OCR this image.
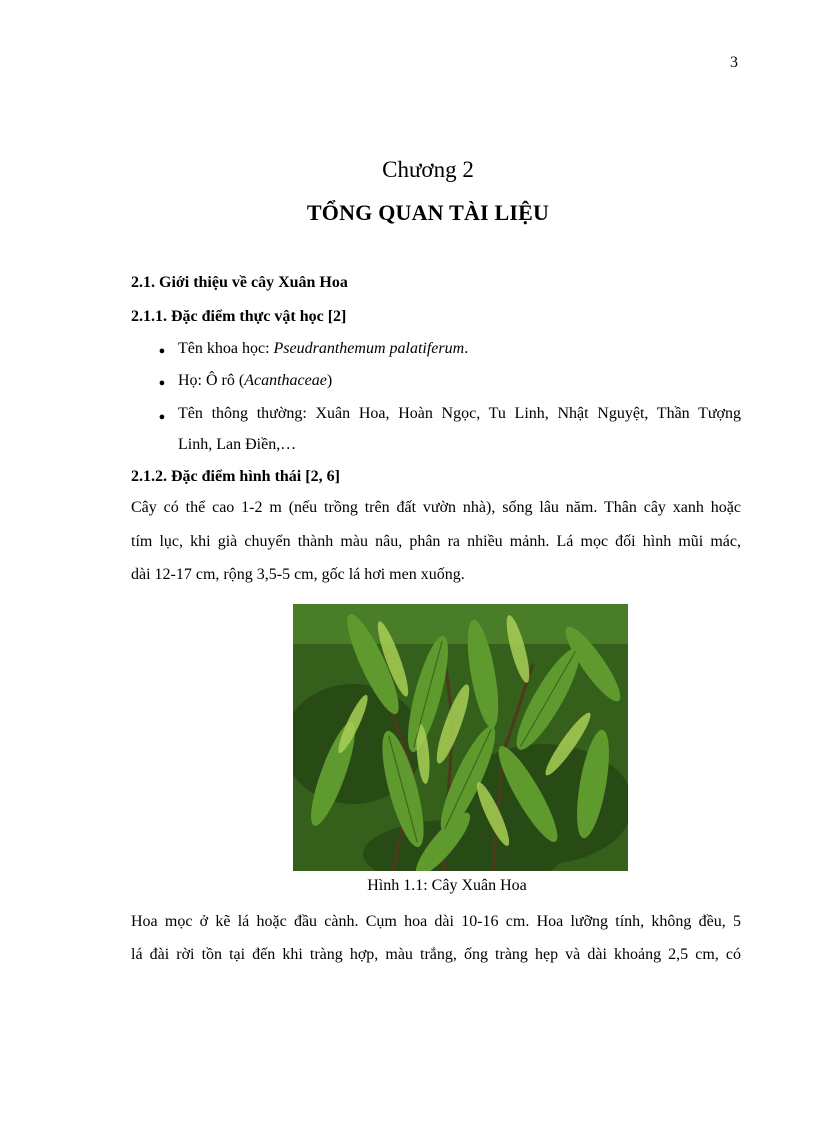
3
Chương 2
TỔNG QUAN TÀI LIỆU
2.1. Giới thiệu về cây Xuân Hoa
2.1.1. Đặc điểm thực vật học [2]
● Tên khoa học: Pseudranthemum palatiferum.
● Họ: Ô rô (Acanthaceae)
● Tên thông thường: Xuân Hoa, Hoàn Ngọc, Tu Linh, Nhật Nguyệt, Thần Tượng
Linh, Lan Điền,…
2.1.2. Đặc điểm hình thái [2, 6]
Cây có thể cao 1-2 m (nếu trồng trên đất vườn nhà), sống lâu năm. Thân cây xanh hoặc
tím lục, khi già chuyển thành màu nâu, phân ra nhiều mảnh. Lá mọc đối hình mũi mác,
dài 12-17 cm, rộng 3,5-5 cm, gốc lá hơi men xuống.
Hình 1.1: Cây Xuân Hoa
Hoa mọc ở kẽ lá hoặc đầu cành. Cụm hoa dài 10-16 cm. Hoa lưỡng tính, không đều, 5
lá đài rời tồn tại đến khi tràng hợp, màu trắng, ống tràng hẹp và dài khoảng 2,5 cm, có
